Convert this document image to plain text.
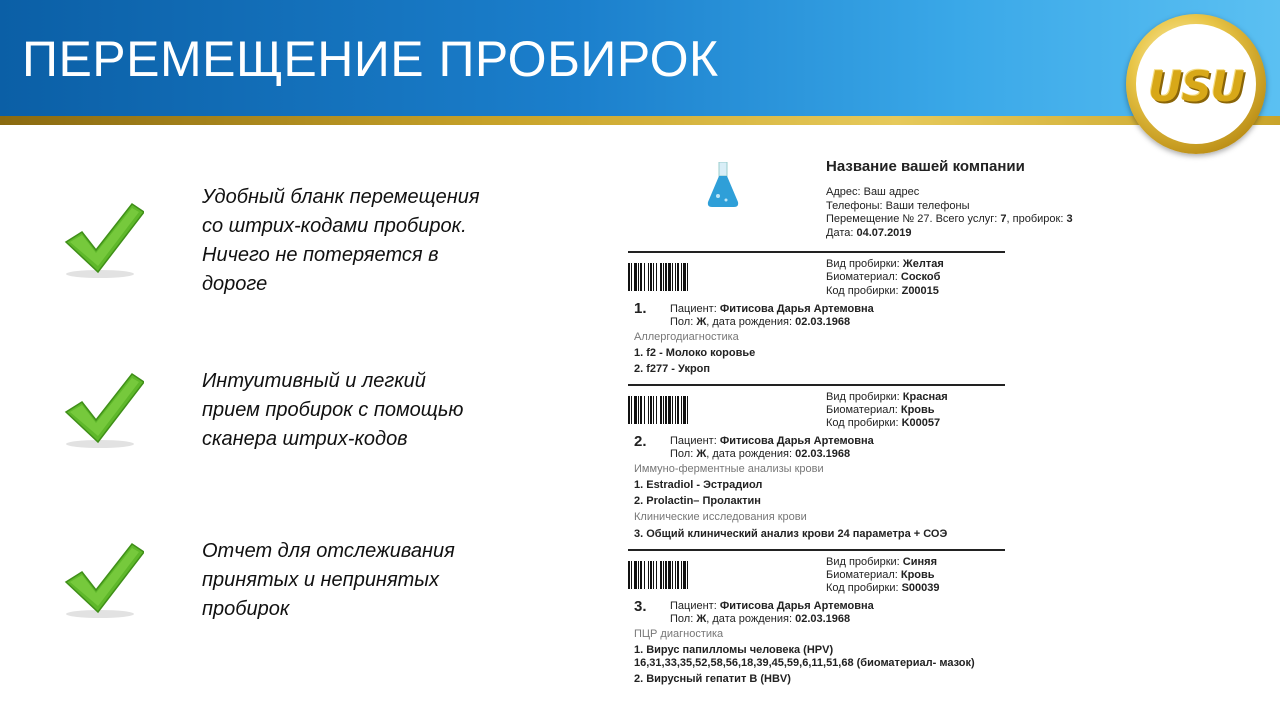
ПЕРЕМЕЩЕНИЕ ПРОБИРОК	USU
Удобный бланк перемещения
со штрих-кодами пробирок.
Ничего не потеряется в
дороге
Интуитивный и легкий
прием пробирок с помощью
сканера штрих-кодов
Отчет для отслеживания
принятых и непринятых
пробирок
Название вашей компании
Адрес: Ваш адрес
Телефоны: Ваши телефоны
Перемещение № 27. Всего услуг: 7, пробирок: 3
Дата: 04.07.2019
Вид пробирки: Желтая
Биоматериал: Соскоб
Код пробирки: Z00015
1. Пациент: Фитисова Дарья Артемовна
Пол: Ж, дата рождения: 02.03.1968
Аллергодиагностика
1. f2 - Молоко коровье
2. f277 - Укроп
Вид пробирки: Красная
Биоматериал: Кровь
Код пробирки: K00057
2. Пациент: Фитисова Дарья Артемовна
Пол: Ж, дата рождения: 02.03.1968
Иммуно-ферментные анализы крови
1. Estradiol - Эстрадиол
2. Prolactin– Пролактин
Клинические исследования крови
3. Общий клинический анализ крови 24 параметра + СОЭ
Вид пробирки: Синяя
Биоматериал: Кровь
Код пробирки: S00039
3. Пациент: Фитисова Дарья Артемовна
Пол: Ж, дата рождения: 02.03.1968
ПЦР диагностика
1. Вирус папилломы человека (HPV)
16,31,33,35,52,58,56,18,39,45,59,6,11,51,68 (биоматериал- мазок)
2. Вирусный гепатит В (HBV)
